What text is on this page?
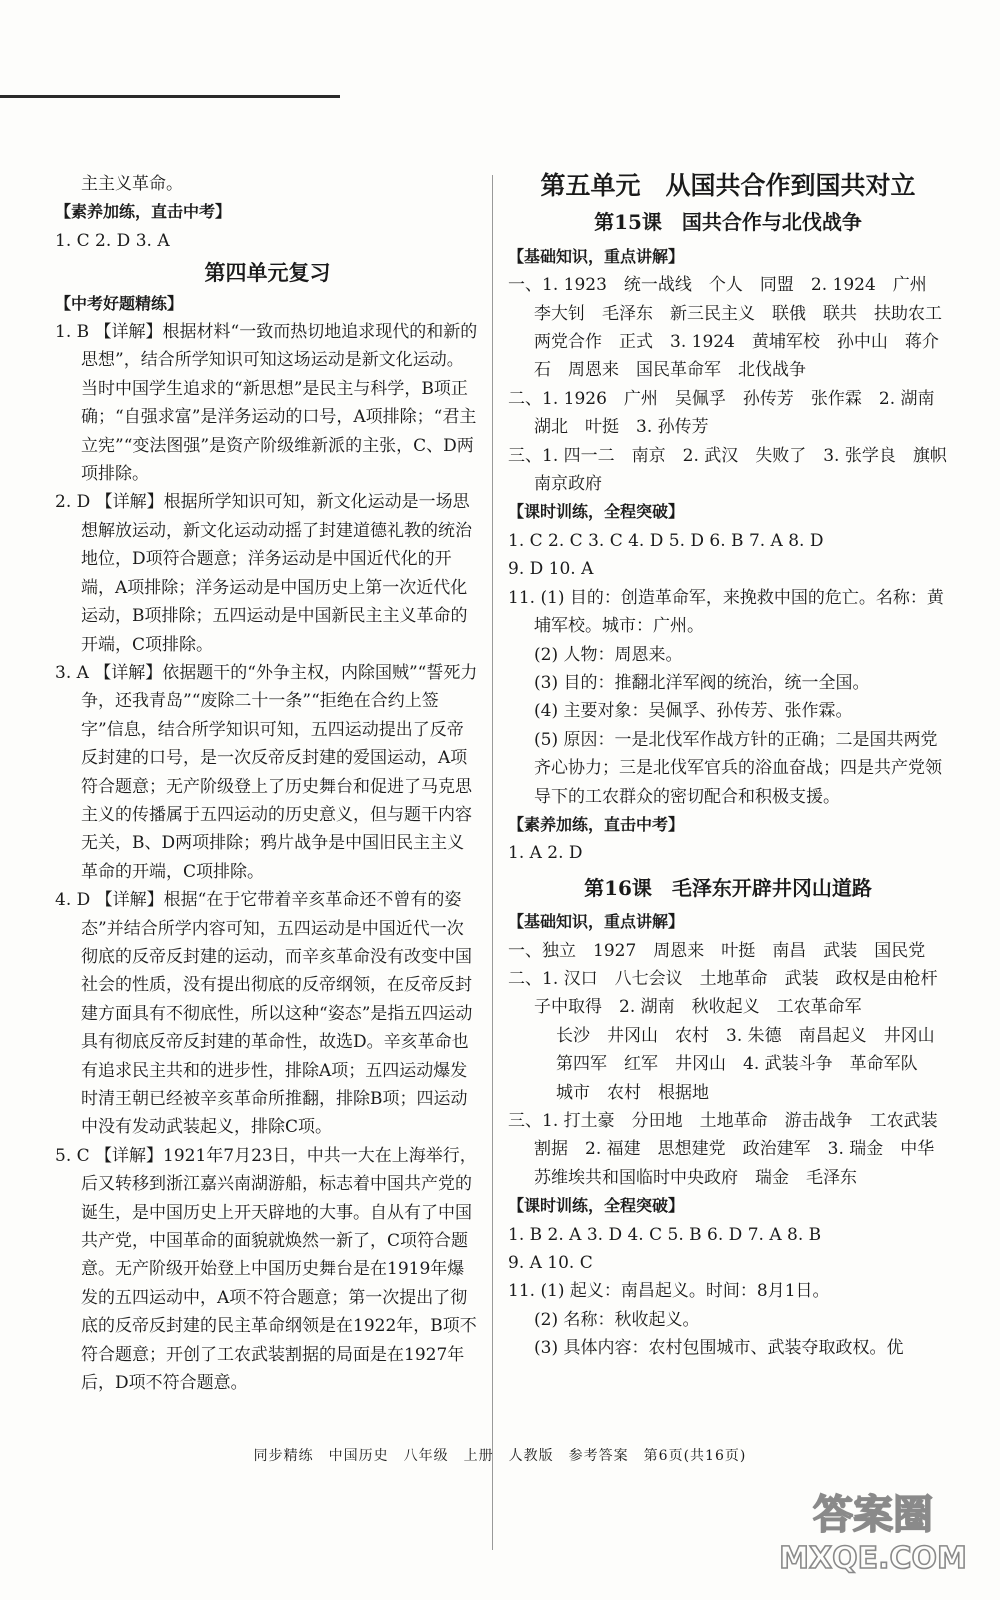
主主义革命。

【素养加练，直击中考】

1. C 2. D 3. A

第四单元复习

【中考好题精练】

1. B 【详解】根据材料“一致而热切地追求现代的和新的思想”，结合所学知识可知这场运动是新文化运动。当时中国学生追求的“新思想”是民主与科学，B项正确；“自强求富”是洋务运动的口号，A项排除；“君主立宪”“变法图强”是资产阶级维新派的主张，C、D两项排除。

2. D 【详解】根据所学知识可知，新文化运动是一场思想解放运动，新文化运动动摇了封建道德礼教的统治地位，D项符合题意；洋务运动是中国近代化的开端，A项排除；洋务运动是中国历史上第一次近代化运动，B项排除；五四运动是中国新民主主义革命的开端，C项排除。

3. A 【详解】依据题干的“外争主权，内除国贼”“誓死力争，还我青岛”“废除二十一条”“拒绝在合约上签字”信息，结合所学知识可知，五四运动提出了反帝反封建的口号，是一次反帝反封建的爱国运动，A项符合题意；无产阶级登上了历史舞台和促进了马克思主义的传播属于五四运动的历史意义，但与题干内容无关，B、D两项排除；鸦片战争是中国旧民主主义革命的开端，C项排除。

4. D 【详解】根据“在于它带着辛亥革命还不曾有的姿态”并结合所学内容可知，五四运动是中国近代一次彻底的反帝反封建的运动，而辛亥革命没有改变中国社会的性质，没有提出彻底的反帝纲领，在反帝反封建方面具有不彻底性，所以这种“姿态”是指五四运动具有彻底反帝反封建的革命性，故选D。辛亥革命也有追求民主共和的进步性，排除A项；五四运动爆发时清王朝已经被辛亥革命所推翻，排除B项；四运动中没有发动武装起义，排除C项。

5. C 【详解】1921年7月23日，中共一大在上海举行，后又转移到浙江嘉兴南湖游船，标志着中国共产党的诞生，是中国历史上开天辟地的大事。自从有了中国共产党，中国革命的面貌就焕然一新了，C项符合题意。无产阶级开始登上中国历史舞台是在1919年爆发的五四运动中，A项不符合题意；第一次提出了彻底的反帝反封建的民主革命纲领是在1922年，B项不符合题意；开创了工农武装割据的局面是在1927年后，D项不符合题意。

第五单元　从国共合作到国共对立

第15课　国共合作与北伐战争

【基础知识，重点讲解】

一、1. 1923　统一战线　个人　同盟　2. 1924　广州　李大钊　毛泽东　新三民主义　联俄　联共　扶助农工　两党合作　正式　3. 1924　黄埔军校　孙中山　蒋介石　周恩来　国民革命军　北伐战争

二、1. 1926　广州　吴佩孚　孙传芳　张作霖　2. 湖南　湖北　叶挺　3. 孙传芳

三、1. 四一二　南京　2. 武汉　失败了　3. 张学良　旗帜　南京政府

【课时训练，全程突破】

1. C 2. C 3. C 4. D 5. D 6. B 7. A 8. D

9. D 10. A

11. (1) 目的：创造革命军，来挽救中国的危亡。名称：黄埔军校。城市：广州。

(2) 人物：周恩来。

(3) 目的：推翻北洋军阀的统治，统一全国。

(4) 主要对象：吴佩孚、孙传芳、张作霖。

(5) 原因：一是北伐军作战方针的正确；二是国共两党齐心协力；三是北伐军官兵的浴血奋战；四是共产党领导下的工农群众的密切配合和积极支援。

【素养加练，直击中考】

1. A 2. D

第16课　毛泽东开辟井冈山道路

【基础知识，重点讲解】

一、独立　1927　周恩来　叶挺　南昌　武装　国民党

二、1. 汉口　八七会议　土地革命　武装　政权是由枪杆子中取得　2. 湖南　秋收起义　工农革命军

长沙　井冈山　农村　3. 朱德　南昌起义　井冈山　第四军　红军　井冈山　4. 武装斗争　革命军队　城市　农村　根据地

三、1. 打土豪　分田地　土地革命　游击战争　工农武装割据　2. 福建　思想建党　政治建军　3. 瑞金　中华苏维埃共和国临时中央政府　瑞金　毛泽东

【课时训练，全程突破】

1. B 2. A 3. D 4. C 5. B 6. D 7. A 8. B

9. A 10. C

11. (1) 起义：南昌起义。时间：8月1日。

(2) 名称：秋收起义。

(3) 具体内容：农村包围城市、武装夺取政权。优

同步精练　中国历史　八年级　上册　人教版　参考答案　第6页(共16页)
答案圈
MXQE.COM
